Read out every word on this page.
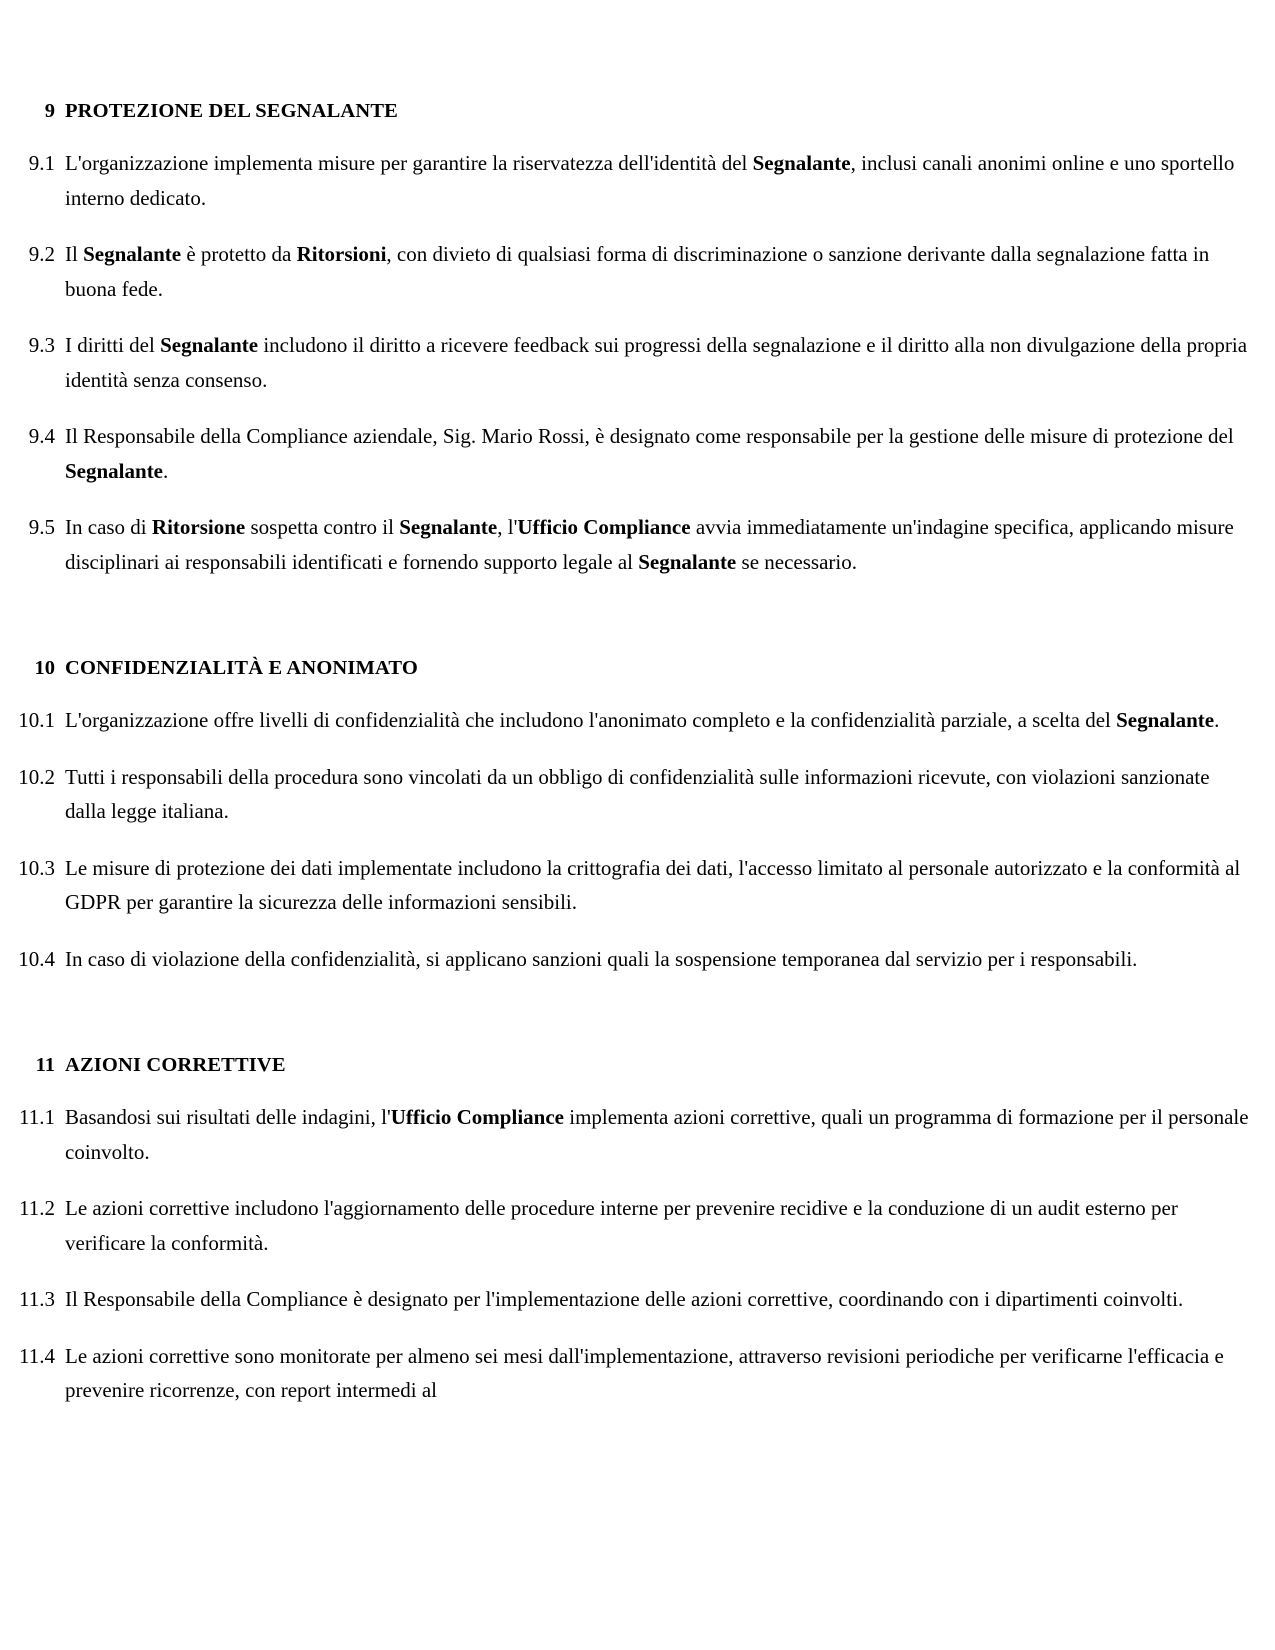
9 PROTEZIONE DEL SEGNALANTE
9.1 L'organizzazione implementa misure per garantire la riservatezza dell'identità del Segnalante, inclusi canali anonimi online e uno sportello interno dedicato.
9.2 Il Segnalante è protetto da Ritorsioni, con divieto di qualsiasi forma di discriminazione o sanzione derivante dalla segnalazione fatta in buona fede.
9.3 I diritti del Segnalante includono il diritto a ricevere feedback sui progressi della segnalazione e il diritto alla non divulgazione della propria identità senza consenso.
9.4 Il Responsabile della Compliance aziendale, Sig. Mario Rossi, è designato come responsabile per la gestione delle misure di protezione del Segnalante.
9.5 In caso di Ritorsione sospetta contro il Segnalante, l'Ufficio Compliance avvia immediatamente un'indagine specifica, applicando misure disciplinari ai responsabili identificati e fornendo supporto legale al Segnalante se necessario.
10 CONFIDENZIALITÀ E ANONIMATO
10.1 L'organizzazione offre livelli di confidenzialità che includono l'anonimato completo e la confidenzialità parziale, a scelta del Segnalante.
10.2 Tutti i responsabili della procedura sono vincolati da un obbligo di confidenzialità sulle informazioni ricevute, con violazioni sanzionate dalla legge italiana.
10.3 Le misure di protezione dei dati implementate includono la crittografia dei dati, l'accesso limitato al personale autorizzato e la conformità al GDPR per garantire la sicurezza delle informazioni sensibili.
10.4 In caso di violazione della confidenzialità, si applicano sanzioni quali la sospensione temporanea dal servizio per i responsabili.
11 AZIONI CORRETTIVE
11.1 Basandosi sui risultati delle indagini, l'Ufficio Compliance implementa azioni correttive, quali un programma di formazione per il personale coinvolto.
11.2 Le azioni correttive includono l'aggiornamento delle procedure interne per prevenire recidive e la conduzione di un audit esterno per verificare la conformità.
11.3 Il Responsabile della Compliance è designato per l'implementazione delle azioni correttive, coordinando con i dipartimenti coinvolti.
11.4 Le azioni correttive sono monitorate per almeno sei mesi dall'implementazione, attraverso revisioni periodiche per verificarne l'efficacia e prevenire ricorrenze, con report intermedi al
